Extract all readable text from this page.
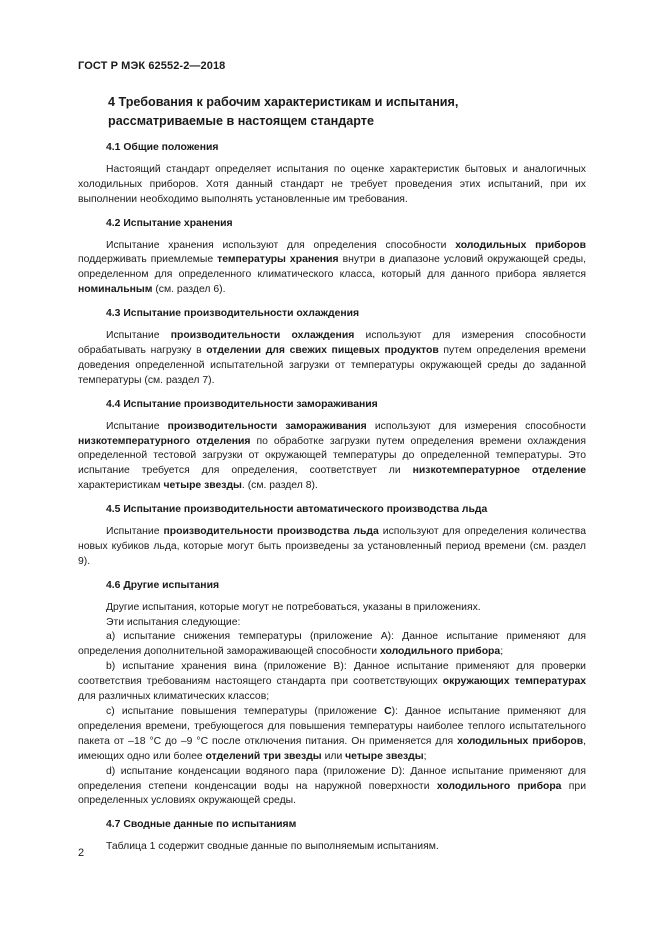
ГОСТ Р МЭК 62552-2—2018
4 Требования к рабочим характеристикам и испытания, рассматриваемые в настоящем стандарте

4.1 Общие положения

Настоящий стандарт определяет испытания по оценке характеристик бытовых и аналогичных холодильных приборов. Хотя данный стандарт не требует проведения этих испытаний, при их выполнении необходимо выполнять установленные им требования.

4.2 Испытание хранения

Испытание хранения используют для определения способности холодильных приборов поддерживать приемлемые температуры хранения внутри в диапазоне условий окружающей среды, определенном для определенного климатического класса, который для данного прибора является номинальным (см. раздел 6).

4.3 Испытание производительности охлаждения

Испытание производительности охлаждения используют для измерения способности обрабатывать нагрузку в отделении для свежих пищевых продуктов путем определения времени доведения определенной испытательной загрузки от температуры окружающей среды до заданной температуры (см. раздел 7).

4.4 Испытание производительности замораживания

Испытание производительности замораживания используют для измерения способности низкотемпературного отделения по обработке загрузки путем определения времени охлаждения определенной тестовой загрузки от окружающей температуры до определенной температуры. Это испытание требуется для определения, соответствует ли низкотемпературное отделение характеристикам четыре звезды. (см. раздел 8).

4.5 Испытание производительности автоматического производства льда

Испытание производительности производства льда используют для определения количества новых кубиков льда, которые могут быть произведены за установленный период времени (см. раздел 9).

4.6 Другие испытания

Другие испытания, которые могут не потребоваться, указаны в приложениях.

Эти испытания следующие:

a) испытание снижения температуры (приложение А): Данное испытание применяют для определения дополнительной замораживающей способности холодильного прибора;

b) испытание хранения вина (приложение В): Данное испытание применяют для проверки соответствия требованиям настоящего стандарта при соответствующих окружающих температурах для различных климатических классов;

c) испытание повышения температуры (приложение С): Данное испытание применяют для определения времени, требующегося для повышения температуры наиболее теплого испытательного пакета от –18 °С до –9 °С после отключения питания. Он применяется для холодильных приборов, имеющих одно или более отделений три звезды или четыре звезды;

d) испытание конденсации водяного пара (приложение D): Данное испытание применяют для определения степени конденсации воды на наружной поверхности холодильного прибора при определенных условиях окружающей среды.

4.7 Сводные данные по испытаниям

Таблица 1 содержит сводные данные по выполняемым испытаниям.

2
